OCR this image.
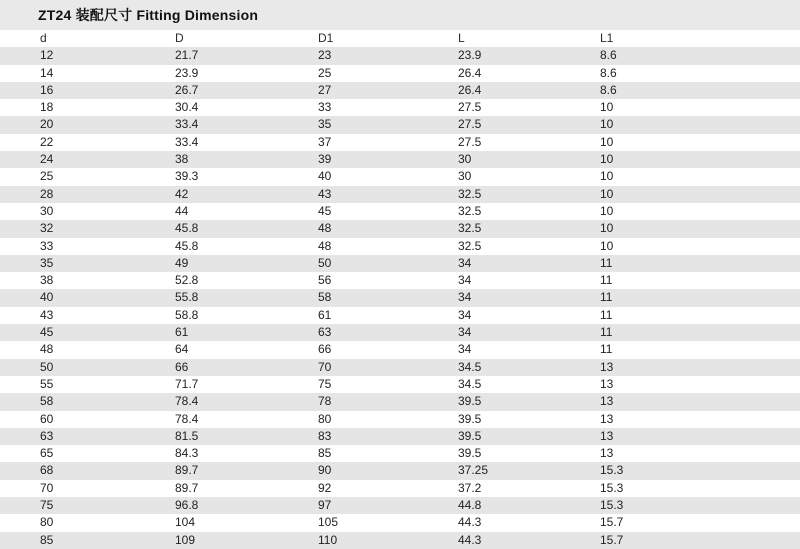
ZT24 装配尺寸 Fitting Dimension
d	D	D1	L	L1
12	21.7	23	23.9	8.6
14	23.9	25	26.4	8.6
16	26.7	27	26.4	8.6
18	30.4	33	27.5	10
20	33.4	35	27.5	10
22	33.4	37	27.5	10
24	38	39	30	10
25	39.3	40	30	10
28	42	43	32.5	10
30	44	45	32.5	10
32	45.8	48	32.5	10
33	45.8	48	32.5	10
35	49	50	34	11
38	52.8	56	34	11
40	55.8	58	34	11
43	58.8	61	34	11
45	61	63	34	11
48	64	66	34	11
50	66	70	34.5	13
55	71.7	75	34.5	13
58	78.4	78	39.5	13
60	78.4	80	39.5	13
63	81.5	83	39.5	13
65	84.3	85	39.5	13
68	89.7	90	37.25	15.3
70	89.7	92	37.2	15.3
75	96.8	97	44.8	15.3
80	104	105	44.3	15.7
85	109	110	44.3	15.7
